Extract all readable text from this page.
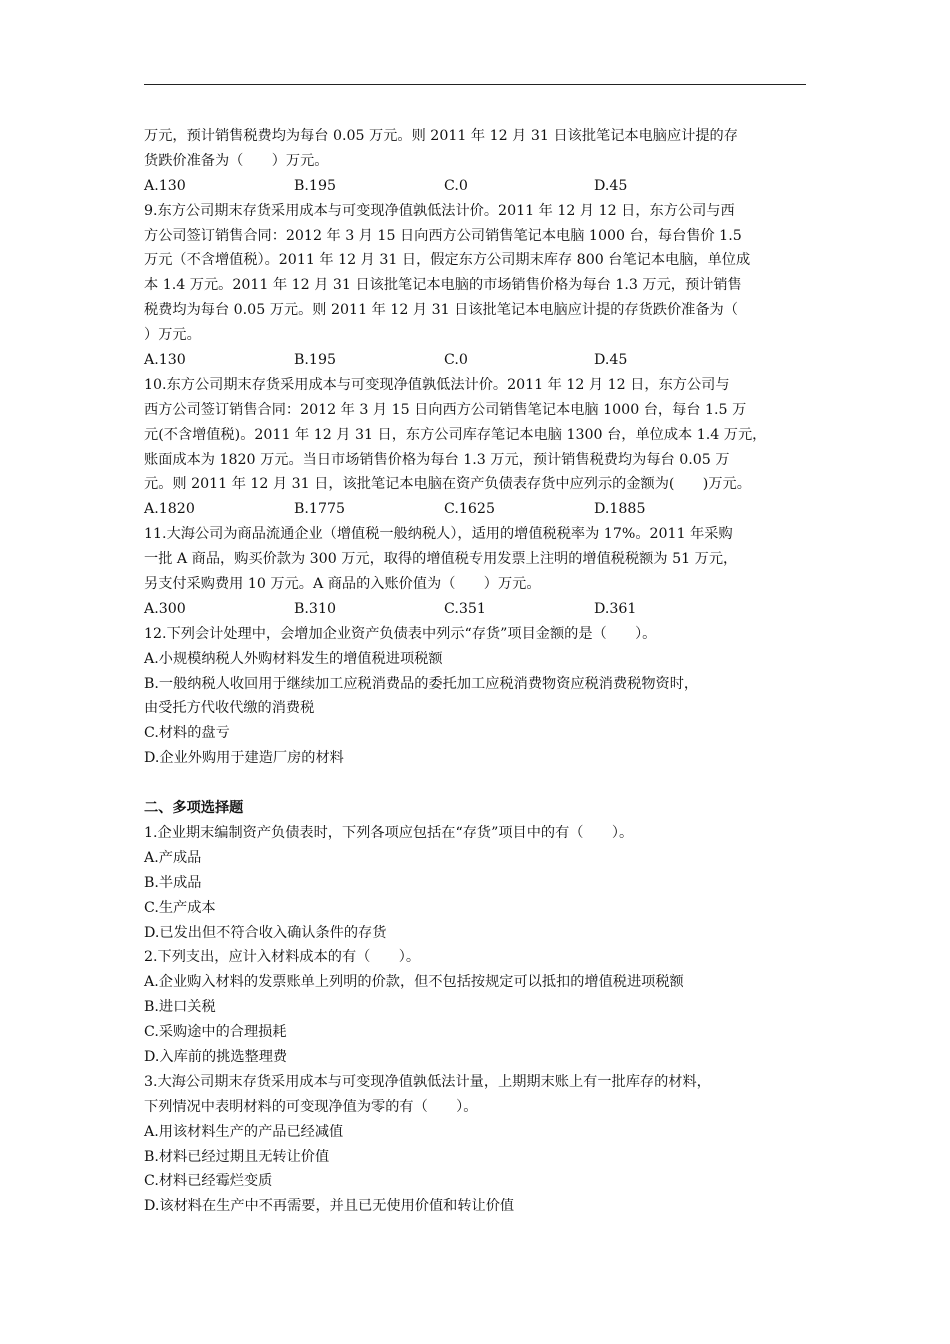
万元，预计销售税费均为每台 0.05 万元。则 2011 年 12 月 31 日该批笔记本电脑应计提的存
货跌价准备为（　　）万元。
A.130	B.195	C.0	D.45
9.东方公司期末存货采用成本与可变现净值孰低法计价。2011 年 12 月 12 日，东方公司与西
方公司签订销售合同：2012 年 3 月 15 日向西方公司销售笔记本电脑 1000 台，每台售价 1.5
万元（不含增值税）。2011 年 12 月 31 日，假定东方公司期末库存 800 台笔记本电脑，单位成
本 1.4 万元。2011 年 12 月 31 日该批笔记本电脑的市场销售价格为每台 1.3 万元，预计销售
税费均为每台 0.05 万元。则 2011 年 12 月 31 日该批笔记本电脑应计提的存货跌价准备为（
）万元。
A.130	B.195	C.0	D.45
10.东方公司期末存货采用成本与可变现净值孰低法计价。2011 年 12 月 12 日，东方公司与
西方公司签订销售合同：2012 年 3 月 15 日向西方公司销售笔记本电脑 1000 台，每台 1.5 万
元(不含增值税)。2011 年 12 月 31 日，东方公司库存笔记本电脑 1300 台，单位成本 1.4 万元，
账面成本为 1820 万元。当日市场销售价格为每台 1.3 万元，预计销售税费均为每台 0.05 万
元。则 2011 年 12 月 31 日，该批笔记本电脑在资产负债表存货中应列示的金额为(　　)万元。
A.1820	B.1775	C.1625	D.1885
11.大海公司为商品流通企业（增值税一般纳税人），适用的增值税税率为 17%。2011 年采购
一批 A 商品，购买价款为 300 万元，取得的增值税专用发票上注明的增值税税额为 51 万元，
另支付采购费用 10 万元。A 商品的入账价值为（　　）万元。
A.300	B.310	C.351	D.361
12.下列会计处理中，会增加企业资产负债表中列示“存货”项目金额的是（　　）。
A.小规模纳税人外购材料发生的增值税进项税额
B.一般纳税人收回用于继续加工应税消费品的委托加工应税消费物资应税消费税物资时，
由受托方代收代缴的消费税
C.材料的盘亏
D.企业外购用于建造厂房的材料
二、多项选择题
1.企业期末编制资产负债表时，下列各项应包括在“存货”项目中的有（　　）。
A.产成品
B.半成品
C.生产成本
D.已发出但不符合收入确认条件的存货
2.下列支出，应计入材料成本的有（　　）。
A.企业购入材料的发票账单上列明的价款，但不包括按规定可以抵扣的增值税进项税额
B.进口关税
C.采购途中的合理损耗
D.入库前的挑选整理费
3.大海公司期末存货采用成本与可变现净值孰低法计量，上期期末账上有一批库存的材料，
下列情况中表明材料的可变现净值为零的有（　　）。
A.用该材料生产的产品已经减值
B.材料已经过期且无转让价值
C.材料已经霉烂变质
D.该材料在生产中不再需要，并且已无使用价值和转让价值
